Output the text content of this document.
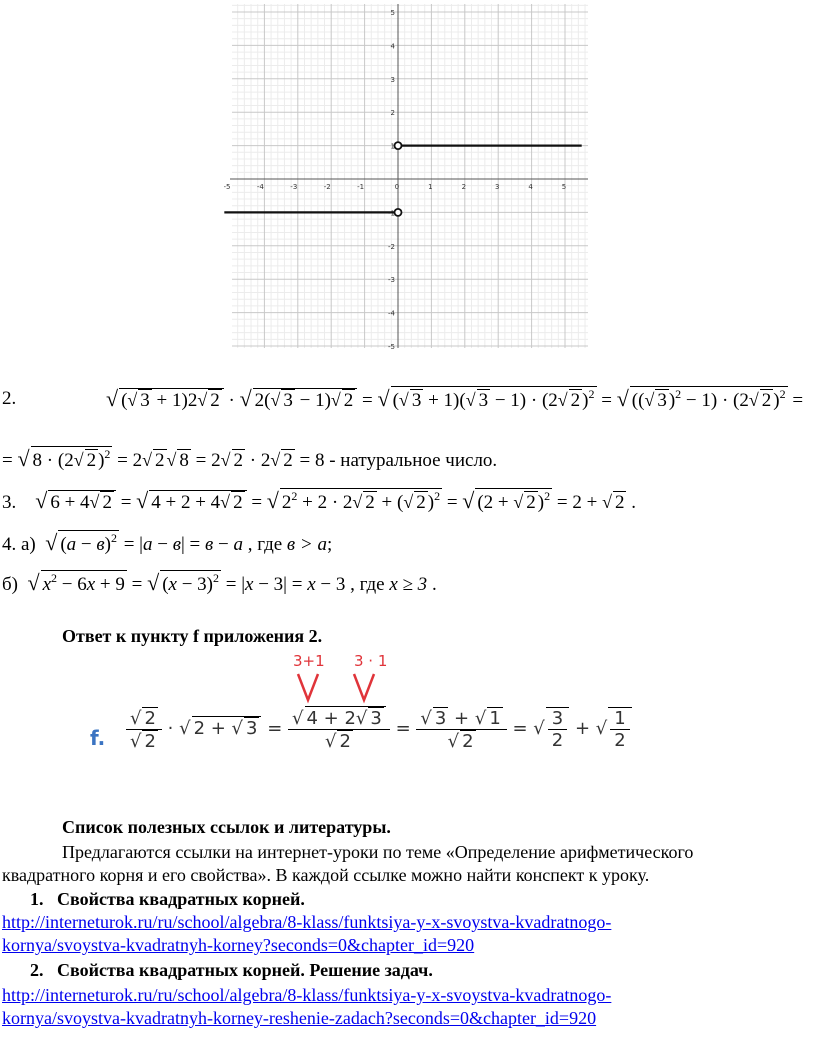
-5	-4	-3	-2	-1	0	1	2	3	4	5
5
4
3
2
1
-1
-2
-3
-4
-5
2.	√ (√ 3 + 1)2√ 2 · √ 2(√ 3 − 1)√ 2 = √ (√ 3 + 1)(√ 3 − 1) · (2√ 2 )$^2$ = √ ((√ 3 )$^2$ − 1) · (2√ 2 )$^2$ =
= √ 8 · (2√ 2 )$^2$ = 2√ 2 √ 8 = 2√ 2 · 2√ 2 = 8 - натуральное число.
3. √ 6 + 4√ 2 = √ 4 + 2 + 4√ 2 = √ $2^2 + 2 \cdot 2√$ 2 + (√ 2 )$^2$ = √ (2 + √ 2 )$^2$ = 2 + √ 2 .
4. а) √ $(а - в)^2 = |а - в| = в - а$ , где в > а;
б) √ $x^2 - 6x + 9$ = √ $(x - 3)^2 = |x - 3| = x - 3$ , где x ≥ 3 .
Ответ к пункту f приложения 2.
3+1 3 · 1
f. $\frac{√ 2}{√ 2}$ · √ 2 + √ $3 = \frac{√ 4 + 2√ 3}{√ 2} = \frac{√ 3 + √ 1}{√ 2}$ = √ $\frac{3}{2}$ + √ $\frac{1}{2}$
Список полезных ссылок и литературы.
Предлагаются ссылки на интернет-уроки по теме «Определение арифметического
квадратного корня и его свойства». В каждой ссылке можно найти конспект к уроку.
1. Свойства квадратных корней.
http://interneturok.ru/ru/school/algebra/8-klass/funktsiya-y-x-svoystva-kvadratnogo-
kornya/svoystva-kvadratnyh-korney?seconds=0&chapter_id=920
2. Свойства квадратных корней. Решение задач.
http://interneturok.ru/ru/school/algebra/8-klass/funktsiya-y-x-svoystva-kvadratnogo-
kornya/svoystva-kvadratnyh-korney-reshenie-zadach?seconds=0&chapter_id=920
